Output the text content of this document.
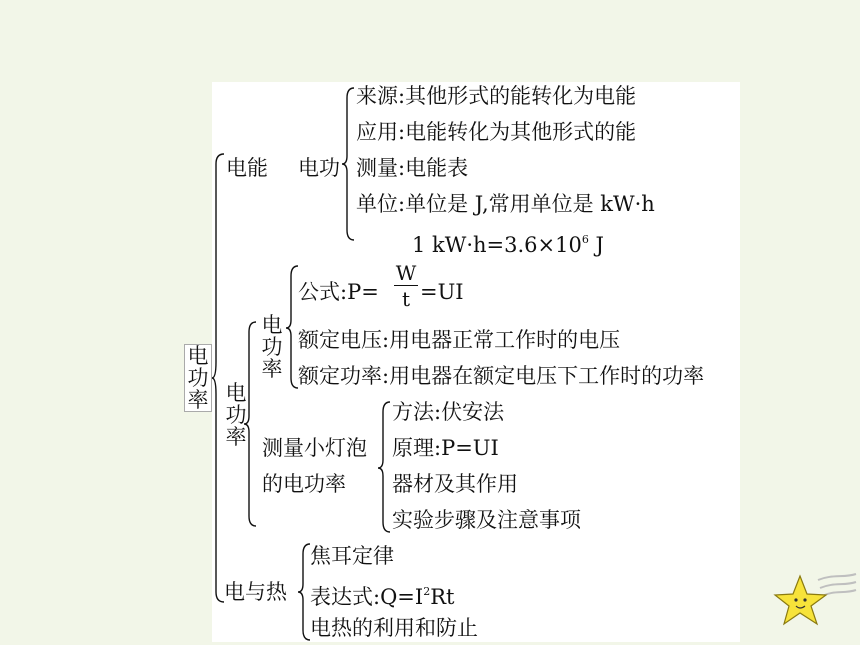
电
功
率
电能 电功
来源:其他形式的能转化为电能
应用:电能转化为其他形式的能
测量:电能表
单位:单位是 J,常用单位是 kW·h
1 $kW\cdot h=3.6\times 10^6$ J
电
功
率
电
功
率
公式:P=
W
t =UI
额定电压:用电器正常工作时的电压
额定功率:用电器在额定电压下工作时的功率
测量小灯泡
的电功率
方法:伏安法
原理:P=UI
器材及其作用
实验步骤及注意事项
电与热
焦耳定律
表达式$:Q=I^2Rt$
电热的利用和防止
